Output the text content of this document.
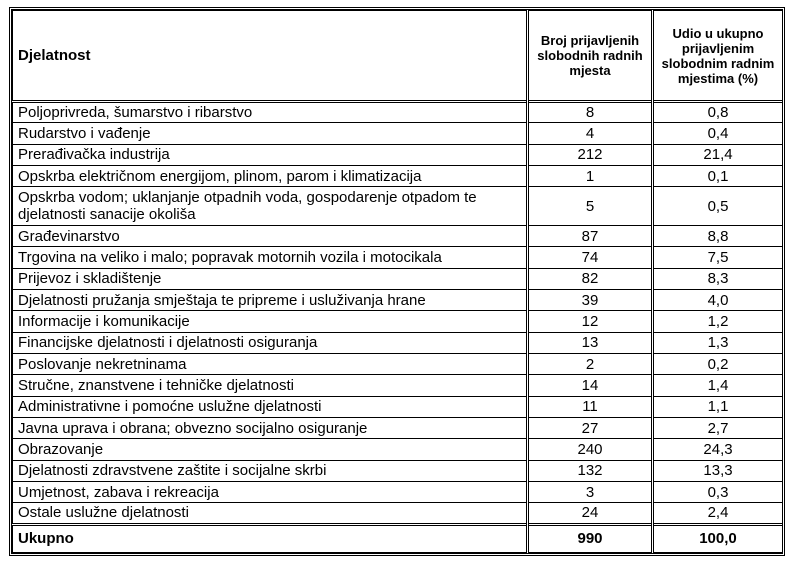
Djelatnost	Broj prijavljenih slobodnih radnih mjesta	Udio u ukupno prijavljenim slobodnim radnim mjestima (%)
Poljoprivreda, šumarstvo i ribarstvo	8	0,8
Rudarstvo i vađenje	4	0,4
Prerađivačka industrija	212	21,4
Opskrba električnom energijom, plinom, parom i klimatizacija	1	0,1
Opskrba vodom; uklanjanje otpadnih voda, gospodarenje otpadom te djelatnosti sanacije okoliša	5	0,5
Građevinarstvo	87	8,8
Trgovina na veliko i malo; popravak motornih vozila i motocikala	74	7,5
Prijevoz i skladištenje	82	8,3
Djelatnosti pružanja smještaja te pripreme i usluživanja hrane	39	4,0
Informacije i komunikacije	12	1,2
Financijske djelatnosti i djelatnosti osiguranja	13	1,3
Poslovanje nekretninama	2	0,2
Stručne, znanstvene i tehničke djelatnosti	14	1,4
Administrativne i pomoćne uslužne djelatnosti	11	1,1
Javna uprava i obrana; obvezno socijalno osiguranje	27	2,7
Obrazovanje	240	24,3
Djelatnosti zdravstvene zaštite i socijalne skrbi	132	13,3
Umjetnost, zabava i rekreacija	3	0,3
Ostale uslužne djelatnosti	24	2,4
Ukupno	990	100,0
